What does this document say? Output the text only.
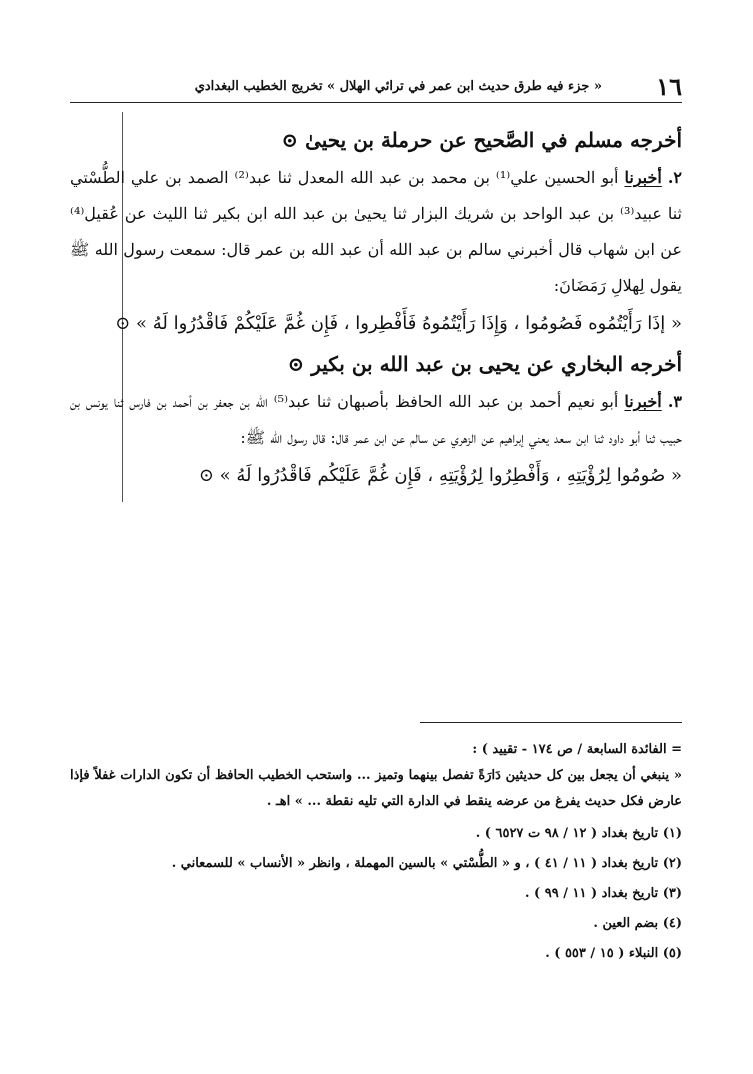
١٦
« جزء فيه طرق حديث ابن عمر في ترائي الهلال » تخريج الخطيب البغدادي

أخرجه مسلم في الصَّحيح عن حرملة بن يحيىٰ ⊙

٢. أخبرنا أبو الحسين علي⁽¹⁾ بن محمد بن عبد الله المعدل ثنا عبد⁽²⁾ الصمد بن علي الطُّسْتي ثنا عبيد⁽³⁾ بن عبد الواحد بن شريك البزار ثنا يحيىٰ بن عبد الله ابن بكير ثنا الليث عن عُقيل⁽⁴⁾ عن ابن شهاب قال أخبرني سالم بن عبد الله أن عبد الله بن عمر قال: سمعت رسول الله ﷺ يقول لِهلالِ رَمَضَانَ:

« إذَا رَأَيْتُمُوه فَصُومُوا ، وَإِذَا رَأَيْتُمُوهُ فَأَفْطِروا ، فَإِن غُمَّ عَلَيْكُمْ فَاقْدُرُوا لَهُ » ⊙

أخرجه البخاري عن يحيى بن عبد الله بن بكير ⊙

٣. أخبرنا أبو نعيم أحمد بن عبد الله الحافظ بأصبهان ثنا عبد⁽⁵⁾ الله بن جعفر بن أحمد بن فارس ثنا يونس بن حبيب ثنا أبو داود ثنا ابن سعد يعني إبراهيم عن الزهري عن سالم عن ابن عمر قال: قال رسول الله ﷺ:

« صُومُوا لِرُؤْيَتِهِ ، وَأَفْطِرُوا لِرُؤْيَتِهِ ، فَإِن غُمَّ عَلَيْكُم فَاقْدُرُوا لَهُ » ⊙

= الفائدة السابعة / ص ١٧٤ - تقييد ) :

« ينبغي أن يجعل بين كل حديثين دَارَةً تفصل بينهما وتميز ... واستحب الخطيب الحافظ أن تكون الدارات غفلاً فإذا عارض فكل حديث يفرغ من عرضه ينقط في الدارة التي تليه نقطة ... » اهـ .

(١) تاريخ بغداد ( ١٢ / ٩٨ ت ٦٥٢٧ ) .

(٢) تاريخ بغداد ( ١١ / ٤١ ) ، و « الطُّسْتي » بالسين المهملة ، وانظر « الأنساب » للسمعاني .

(٣) تاريخ بغداد ( ١١ / ٩٩ ) .

(٤) بضم العين .

(٥) النبلاء ( ١٥ / ٥٥٣ ) .
